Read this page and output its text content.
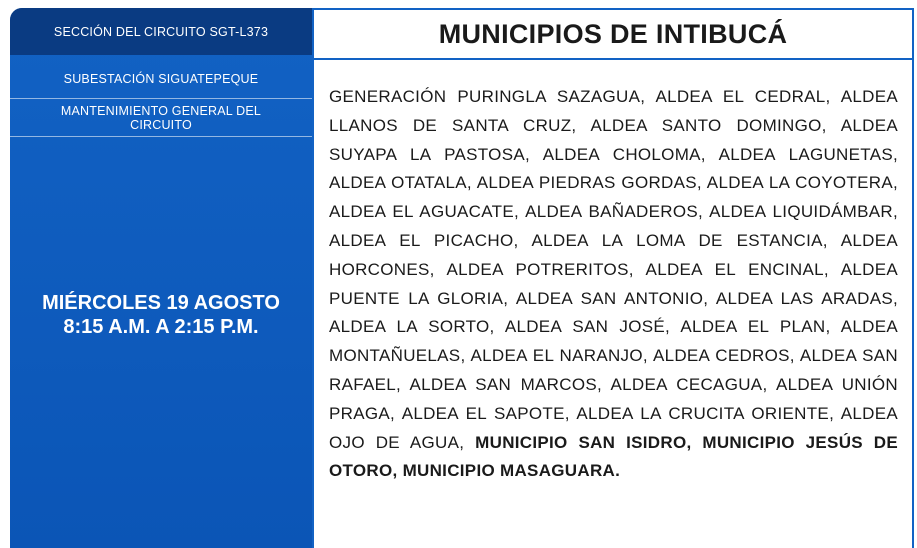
SECCIÓN DEL CIRCUITO SGT-L373
SUBESTACIÓN SIGUATEPEQUE
MANTENIMIENTO GENERAL DEL CIRCUITO
MIÉRCOLES 19 AGOSTO
8:15 A.M. A 2:15 P.M.
MUNICIPIOS DE INTIBUCÁ
GENERACIÓN PURINGLA SAZAGUA, ALDEA EL CEDRAL, ALDEA LLANOS DE SANTA CRUZ, ALDEA SANTO DOMINGO, ALDEA SUYAPA LA PASTOSA, ALDEA CHOLOMA, ALDEA LAGUNETAS, ALDEA OTATALA, ALDEA PIEDRAS GORDAS, ALDEA LA COYOTERA, ALDEA EL AGUACATE, ALDEA BAÑADEROS, ALDEA LIQUIDÁMBAR, ALDEA EL PICACHO, ALDEA LA LOMA DE ESTANCIA, ALDEA HORCONES, ALDEA POTRERITOS, ALDEA EL ENCINAL, ALDEA PUENTE LA GLORIA, ALDEA SAN ANTONIO, ALDEA LAS ARADAS, ALDEA LA SORTO, ALDEA SAN JOSÉ, ALDEA EL PLAN, ALDEA MONTAÑUELAS, ALDEA EL NARANJO, ALDEA CEDROS, ALDEA SAN RAFAEL, ALDEA SAN MARCOS, ALDEA CECAGUA, ALDEA UNIÓN PRAGA, ALDEA EL SAPOTE, ALDEA LA CRUCITA ORIENTE, ALDEA OJO DE AGUA, MUNICIPIO SAN ISIDRO, MUNICIPIO JESÚS DE OTORO, MUNICIPIO MASAGUARA.
